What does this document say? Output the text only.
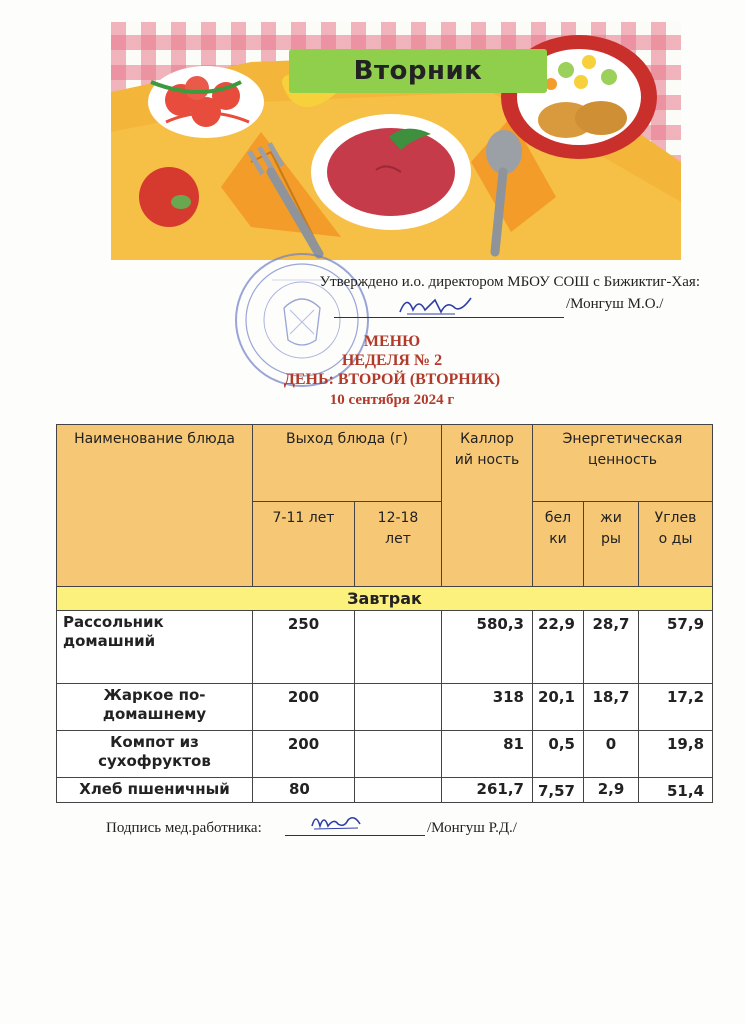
Вторник
Утверждено и.о. директором МБОУ СОШ с Бижиктиг-Хая:
/Монгуш М.О./
МЕНЮ
НЕДЕЛЯ № 2
ДЕНЬ: ВТОРОЙ (ВТОРНИК)
10 сентября 2024 г
Наименование блюда	Выход блюда (г)		Каллор ий ность	Энергетическая ценность		
	7-11 лет	12-18 лет		бел ки	жи ры	Углев о ды
Завтрак						
Рассольник домашний	250		580,3	22,9	28,7	57,9
Жаркое по-домашнему	200		318	20,1	18,7	17,2
Компот из сухофруктов	200		81	0,5	0	19,8
Хлеб пшеничный	80		261,7	7,57	2,9	51,4
Подпись мед.работника:	/Монгуш Р.Д./
